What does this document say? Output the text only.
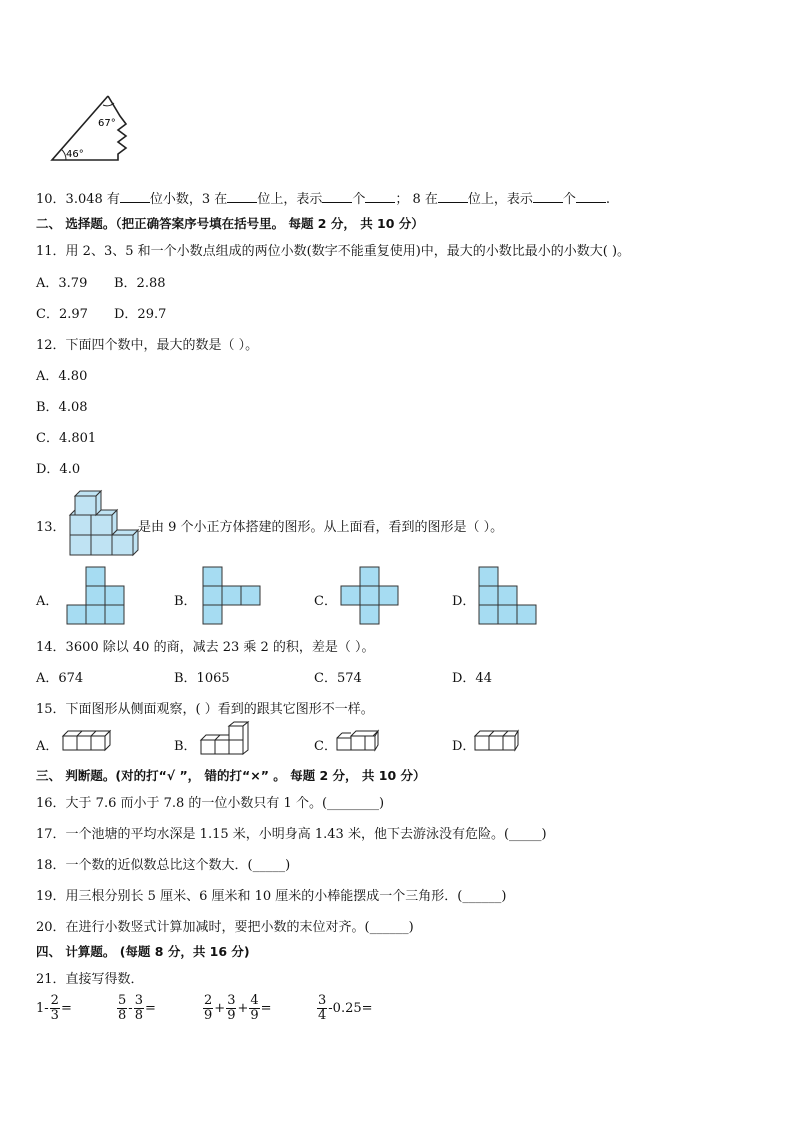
67°
46°
10．3.048 有 位小数，3 在 位上，表示 个 ； 8 在 位上，表示 个 .
二、 选择题。（把正确答案序号填在括号里。 每题 2 分， 共 10 分）
11．用 2、3、5 和一个小数点组成的两位小数(数字不能重复使用)中，最大的小数比最小的小数大( )。
A．3.79 B．2.88
C．2.97 D．29.7
12．下面四个数中，最大的数是（ ）。
A．4.80
B．4.08
C．4.801
D．4.0
13．	是由 9 个小正方体搭建的图形。从上面看，看到的图形是（ ）。
A．	B．	C．	D．
14．3600 除以 40 的商，减去 23 乘 2 的积，差是（ ）。
A．674	B．1065	C．574	D．44
15．下面图形从侧面观察，( ）看到的跟其它图形不一样。
A．	B．	C．	D．
三、 判断题。(对的打“√ ”， 错的打“×” 。 每题 2 分， 共 10 分）
16．大于 7.6 而小于 7.8 的一位小数只有 1 个。(________)
17．一个池塘的平均水深是 1.15 米，小明身高 1.43 米，他下去游泳没有危险。(_____)
18．一个数的近似数总比这个数大．(_____)
19．用三根分别长 5 厘米、6 厘米和 10 厘米的小棒能摆成一个三角形．(______)
20．在进行小数竖式计算加减时，要把小数的末位对齐。(______)
四、 计算题。 (每题 8 分，共 16 分)
21．直接写得数．
$1- \frac{2}{3}$ =	$\frac{5}{8} - \frac{3}{8}$ =	$\frac{2}{9} + \frac{3}{9} + \frac{4}{9}$ =	$\frac{3}{4} -0.25=$
